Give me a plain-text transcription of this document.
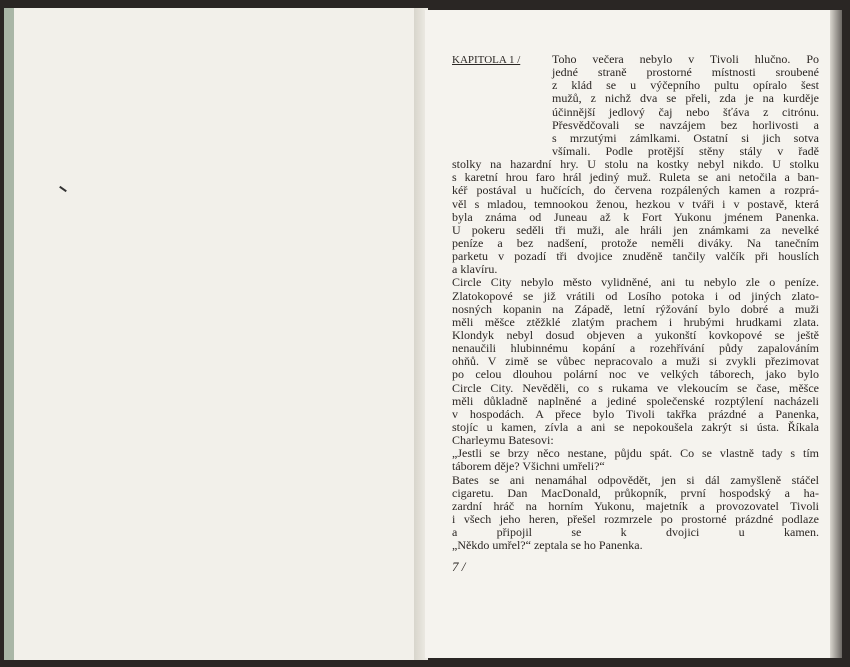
KAPITOLA 1 /	Toho večera nebylo v Tivoli hlučno. Po
jedné straně prostorné místnosti sroubené
z klád se u výčepního pultu opíralo šest
mužů, z nichž dva se přeli, zda je na kurděje
účinnější jedlový čaj nebo šťáva z citrónu.
Přesvědčovali se navzájem bez horlivosti a
s mrzutými zámlkami. Ostatní si jich sotva
všímali. Podle protější stěny stály v řadě
stolky na hazardní hry. U stolu na kostky nebyl nikdo. U stolku
s karetní hrou faro hrál jediný muž. Ruleta se ani netočila a ban-
kéř postával u hučících, do červena rozpálených kamen a rozprá-
věl s mladou, temnookou ženou, hezkou v tváři i v postavě, která
byla známa od Juneau až k Fort Yukonu jménem Panenka.
U pokeru seděli tři muži, ale hráli jen známkami za nevelké
peníze a bez nadšení, protože neměli diváky. Na tanečním
parketu v pozadí tři dvojice znuděně tančily valčík při houslích
a klavíru.
Circle City nebylo město vylidněné, ani tu nebylo zle o peníze.
Zlatokopové se již vrátili od Losího potoka i od jiných zlato-
nosných kopanin na Západě, letní rýžování bylo dobré a muži
měli měšce ztěžklé zlatým prachem i hrubými hrudkami zlata.
Klondyk nebyl dosud objeven a yukonští kovkopové se ještě
nenaučili hlubinnému kopání a rozehřívání půdy zapalováním
ohňů. V zimě se vůbec nepracovalo a muži si zvykli přezimovat
po celou dlouhou polární noc ve velkých táborech, jako bylo
Circle City. Nevěděli, co s rukama ve vlekoucím se čase, měšce
měli důkladně naplněné a jediné společenské rozptýlení nacházeli
v hospodách. A přece bylo Tivoli takřka prázdné a Panenka,
stojíc u kamen, zívla a ani se nepokoušela zakrýt si ústa. Říkala
Charleymu Batesovi:
„Jestli se brzy něco nestane, půjdu spát. Co se vlastně tady s tím
táborem děje? Všichni umřeli?“
Bates se ani nenamáhal odpovědět, jen si dál zamyšleně stáčel
cigaretu. Dan MacDonald, průkopník, první hospodský a ha-
zardní hráč na horním Yukonu, majetník a provozovatel Tivoli
i všech jeho heren, přešel rozmrzele po prostorné prázdné podlaze
a připojil se k dvojici u kamen.
„Někdo umřel?“ zeptala se ho Panenka.
7 /
